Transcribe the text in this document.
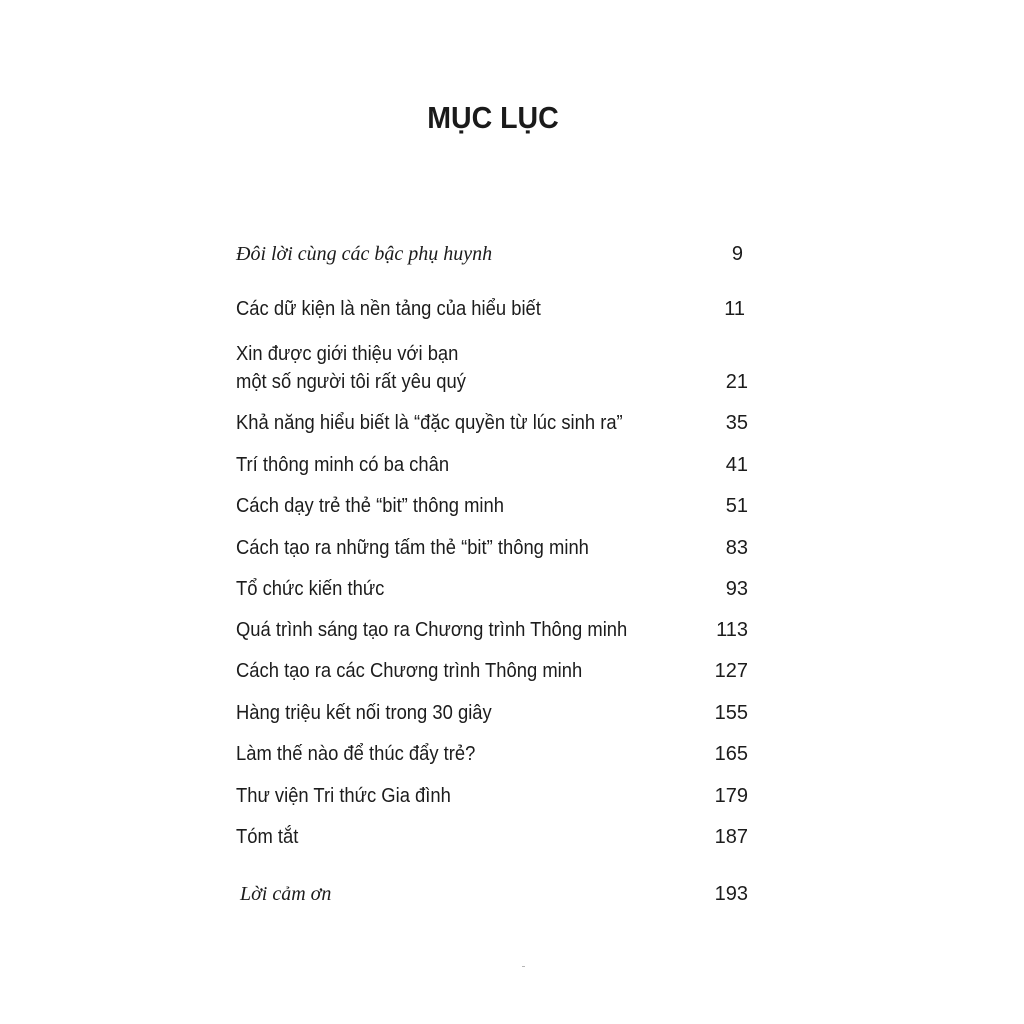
MỤC LỤC
Đôi lời cùng các bậc phụ huynh	9
Các dữ kiện là nền tảng của hiểu biết	11
Xin được giới thiệu với bạn
một số người tôi rất yêu quý	21
Khả năng hiểu biết là “đặc quyền từ lúc sinh ra”	35
Trí thông minh có ba chân	41
Cách dạy trẻ thẻ “bit” thông minh	51
Cách tạo ra những tấm thẻ “bit” thông minh	83
Tổ chức kiến thức	93
Quá trình sáng tạo ra Chương trình Thông minh	113
Cách tạo ra các Chương trình Thông minh	127
Hàng triệu kết nối trong 30 giây	155
Làm thế nào để thúc đẩy trẻ?	165
Thư viện Tri thức Gia đình	179
Tóm tắt	187
Lời cảm ơn	193
